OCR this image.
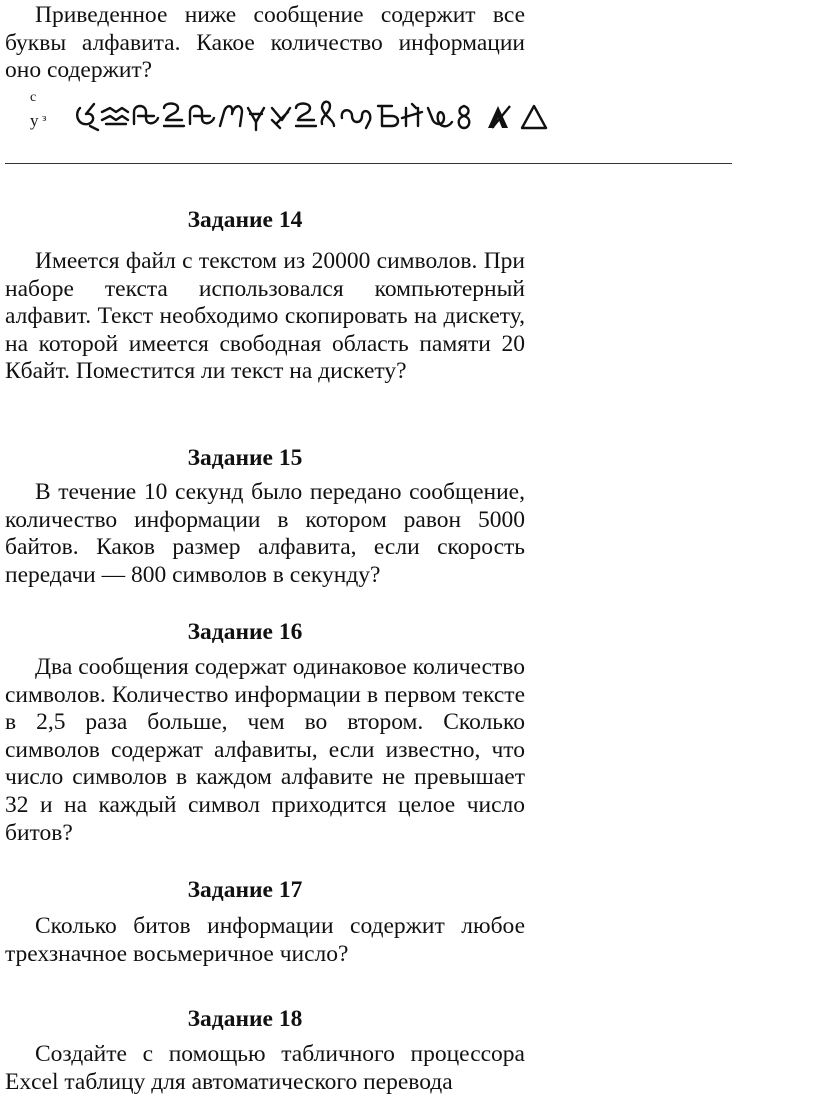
Приведенное ниже сообщение содержит все буквы алфавита. Какое количество информации оно содержит?

с
у з
Задание 14

Имеется файл с текстом из 20000 символов. При наборе текста использовался компьютерный алфавит. Текст необходимо скопировать на дискету, на которой имеется свободная область памяти 20 Кбайт. Поместится ли текст на дискету?

Задание 15

В течение 10 секунд было передано сообщение, количество информации в котором равон 5000 байтов. Каков размер алфавита, если скорость передачи — 800 символов в секунду?

Задание 16

Два сообщения содержат одинаковое количество символов. Количество информации в первом тексте в 2,5 раза больше, чем во втором. Сколько символов содержат алфавиты, если известно, что число символов в каждом алфавите не превышает 32 и на каждый символ приходится целое число битов?

Задание 17

Сколько битов информации содержит любое трехзначное восьмеричное число?

Задание 18

Создайте с помощью табличного процессора Excel таблицу для автоматического перевода
